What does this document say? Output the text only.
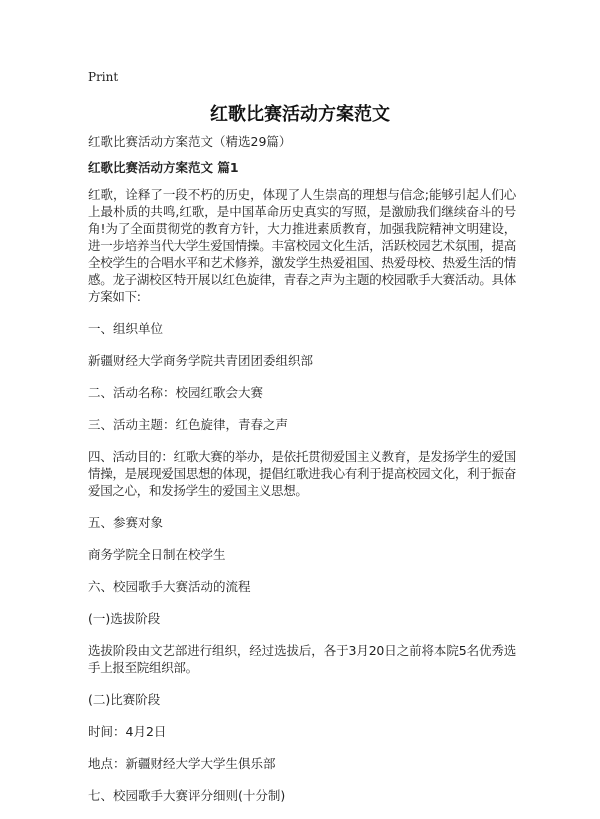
Print
红歌比赛活动方案范文

红歌比赛活动方案范文（精选29篇）

红歌比赛活动方案范文 篇1

红歌，诠释了一段不朽的历史，体现了人生崇高的理想与信念;能够引起人们心上最朴质的共鸣,红歌，是中国革命历史真实的写照，是激励我们继续奋斗的号角!为了全面贯彻党的教育方针，大力推进素质教育，加强我院精神文明建设，进一步培养当代大学生爱国情操。丰富校园文化生活，活跃校园艺术氛围，提高全校学生的合唱水平和艺术修养，激发学生热爱祖国、热爱母校、热爱生活的情感。龙子湖校区特开展以红色旋律，青春之声为主题的校园歌手大赛活动。具体方案如下:

一、组织单位

新疆财经大学商务学院共青团团委组织部

二、活动名称：校园红歌会大赛

三、活动主题：红色旋律，青春之声

四、活动目的：红歌大赛的举办，是依托贯彻爱国主义教育，是发扬学生的爱国情操，是展现爱国思想的体现，提倡红歌进我心有利于提高校园文化，利于振奋爱国之心，和发扬学生的爱国主义思想。

五、参赛对象

商务学院全日制在校学生

六、校园歌手大赛活动的流程

(一)选拔阶段

选拔阶段由文艺部进行组织，经过选拔后，各于3月20日之前将本院5名优秀选手上报至院组织部。

(二)比赛阶段

时间：4月2日

地点：新疆财经大学大学生俱乐部

七、校园歌手大赛评分细则(十分制)
